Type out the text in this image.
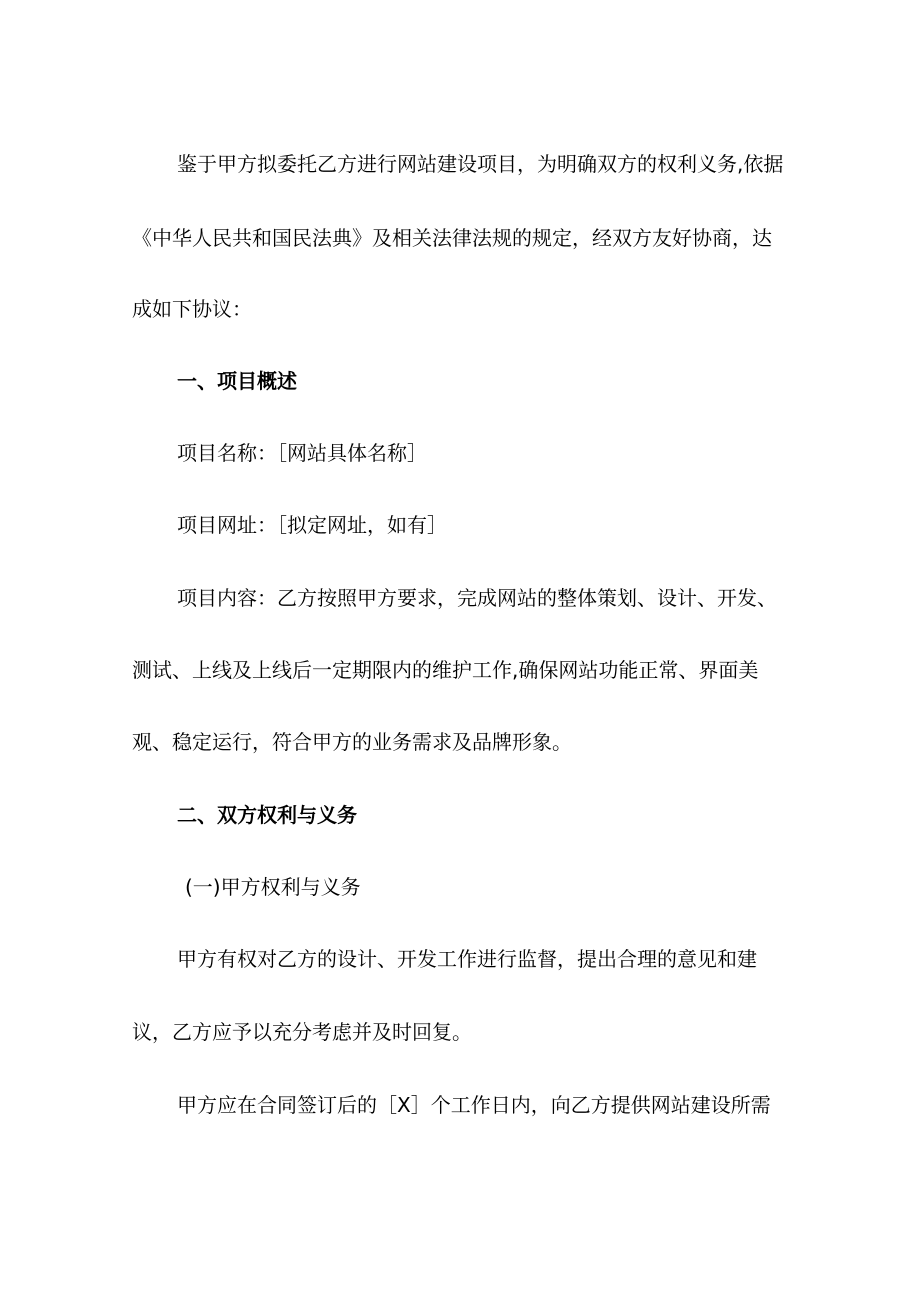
鉴于甲方拟委托乙方进行网站建设项目，为明确双方的权利义务,依据
《中华人民共和国民法典》及相关法律法规的规定，经双方友好协商，达
成如下协议：
一、项目概述
项目名称：［网站具体名称］
项目网址：［拟定网址，如有］
项目内容：乙方按照甲方要求，完成网站的整体策划、设计、开发、
测试、上线及上线后一定期限内的维护工作,确保网站功能正常、界面美
观、稳定运行，符合甲方的业务需求及品牌形象。
二、双方权利与义务
(一)甲方权利与义务
甲方有权对乙方的设计、开发工作进行监督，提出合理的意见和建
议，乙方应予以充分考虑并及时回复。
甲方应在合同签订后的［X］个工作日内，向乙方提供网站建设所需
